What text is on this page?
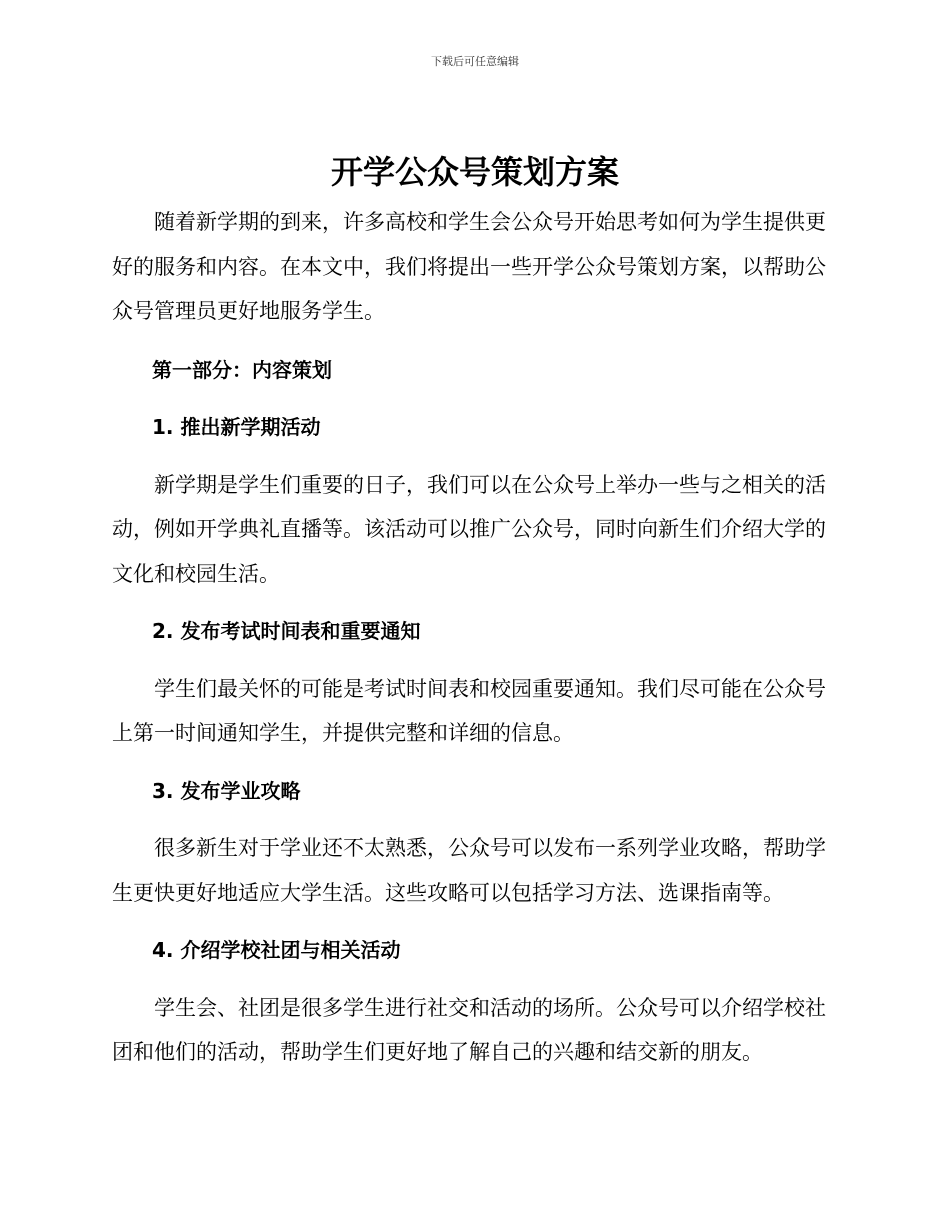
下载后可任意编辑
开学公众号策划方案

随着新学期的到来，许多高校和学生会公众号开始思考如何为学生提供更好的服务和内容。在本文中，我们将提出一些开学公众号策划方案，以帮助公众号管理员更好地服务学生。

第一部分：内容策划

1. 推出新学期活动

新学期是学生们重要的日子，我们可以在公众号上举办一些与之相关的活动，例如开学典礼直播等。该活动可以推广公众号，同时向新生们介绍大学的文化和校园生活。

2. 发布考试时间表和重要通知

学生们最关怀的可能是考试时间表和校园重要通知。我们尽可能在公众号上第一时间通知学生，并提供完整和详细的信息。

3. 发布学业攻略

很多新生对于学业还不太熟悉，公众号可以发布一系列学业攻略，帮助学生更快更好地适应大学生活。这些攻略可以包括学习方法、选课指南等。

4. 介绍学校社团与相关活动

学生会、社团是很多学生进行社交和活动的场所。公众号可以介绍学校社团和他们的活动，帮助学生们更好地了解自己的兴趣和结交新的朋友。
